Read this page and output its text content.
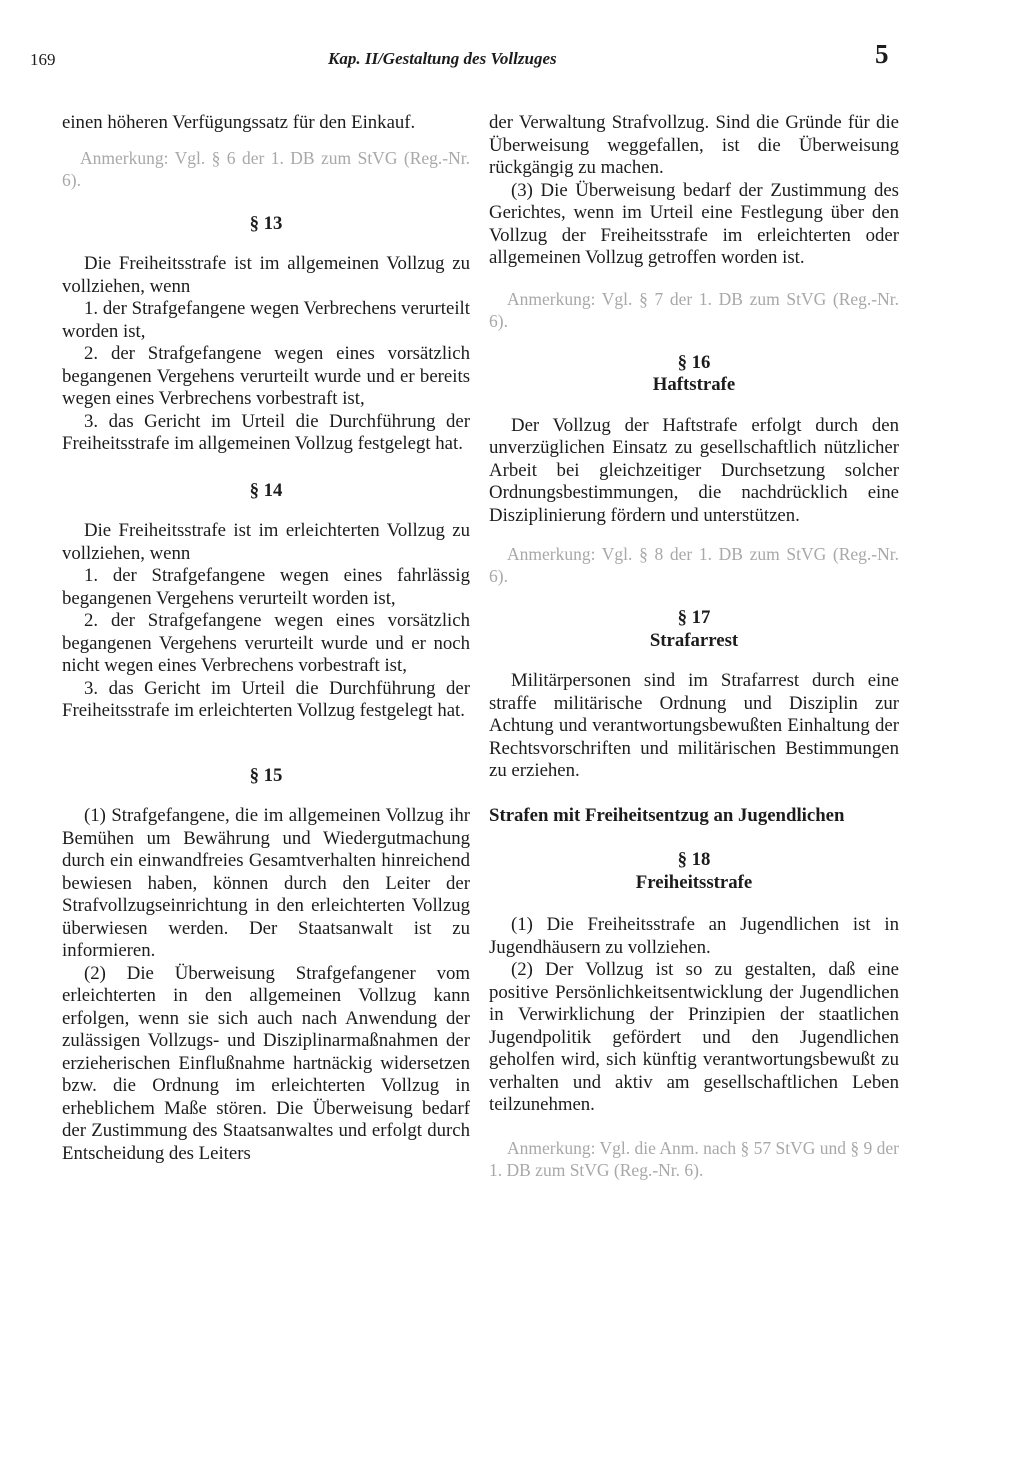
169	Kap. II/Gestaltung des Vollzuges	5

einen höheren Verfügungssatz für den Einkauf.

Anmerkung: Vgl. § 6 der 1. DB zum StVG (Reg.-Nr. 6).

§ 13

Die Freiheitsstrafe ist im allgemeinen Vollzug zu vollziehen, wenn

1. der Strafgefangene wegen Verbrechens verurteilt worden ist,

2. der Strafgefangene wegen eines vorsätzlich begangenen Vergehens verurteilt wurde und er bereits wegen eines Verbrechens vorbestraft ist,

3. das Gericht im Urteil die Durchführung der Freiheitsstrafe im allgemeinen Vollzug festgelegt hat.

§ 14

Die Freiheitsstrafe ist im erleichterten Vollzug zu vollziehen, wenn

1. der Strafgefangene wegen eines fahrlässig begangenen Vergehens verurteilt worden ist,

2. der Strafgefangene wegen eines vorsätzlich begangenen Vergehens verurteilt wurde und er noch nicht wegen eines Verbrechens vorbestraft ist,

3. das Gericht im Urteil die Durchführung der Freiheitsstrafe im erleichterten Vollzug festgelegt hat.

§ 15

(1) Strafgefangene, die im allgemeinen Vollzug ihr Bemühen um Bewährung und Wiedergutmachung durch ein einwandfreies Gesamtverhalten hinreichend bewiesen haben, können durch den Leiter der Strafvollzugseinrichtung in den erleichterten Vollzug überwiesen werden. Der Staatsanwalt ist zu informieren.

(2) Die Überweisung Strafgefangener vom erleichterten in den allgemeinen Vollzug kann erfolgen, wenn sie sich auch nach Anwendung der zulässigen Vollzugs- und Disziplinarmaßnahmen der erzieherischen Einflußnahme hartnäckig widersetzen bzw. die Ordnung im erleichterten Vollzug in erheblichem Maße stören. Die Überweisung bedarf der Zustimmung des Staatsanwaltes und erfolgt durch Entscheidung des Leiters

der Verwaltung Strafvollzug. Sind die Gründe für die Überweisung weggefallen, ist die Überweisung rückgängig zu machen.

(3) Die Überweisung bedarf der Zustimmung des Gerichtes, wenn im Urteil eine Festlegung über den Vollzug der Freiheitsstrafe im erleichterten oder allgemeinen Vollzug getroffen worden ist.

Anmerkung: Vgl. § 7 der 1. DB zum StVG (Reg.-Nr. 6).

§ 16

Haftstrafe

Der Vollzug der Haftstrafe erfolgt durch den unverzüglichen Einsatz zu gesellschaftlich nützlicher Arbeit bei gleichzeitiger Durchsetzung solcher Ordnungsbestimmungen, die nachdrücklich eine Disziplinierung fördern und unterstützen.

Anmerkung: Vgl. § 8 der 1. DB zum StVG (Reg.-Nr. 6).

§ 17

Strafarrest

Militärpersonen sind im Strafarrest durch eine straffe militärische Ordnung und Disziplin zur Achtung und verantwortungsbewußten Einhaltung der Rechtsvorschriften und militärischen Bestimmungen zu erziehen.

Strafen mit Freiheitsentzug an Jugendlichen

§ 18

Freiheitsstrafe

(1) Die Freiheitsstrafe an Jugendlichen ist in Jugendhäusern zu vollziehen.

(2) Der Vollzug ist so zu gestalten, daß eine positive Persönlichkeitsentwicklung der Jugendlichen in Verwirklichung der Prinzipien der staatlichen Jugendpolitik gefördert und den Jugendlichen geholfen wird, sich künftig verantwortungsbewußt zu verhalten und aktiv am gesellschaftlichen Leben teilzunehmen.

Anmerkung: Vgl. die Anm. nach § 57 StVG und § 9 der 1. DB zum StVG (Reg.-Nr. 6).
